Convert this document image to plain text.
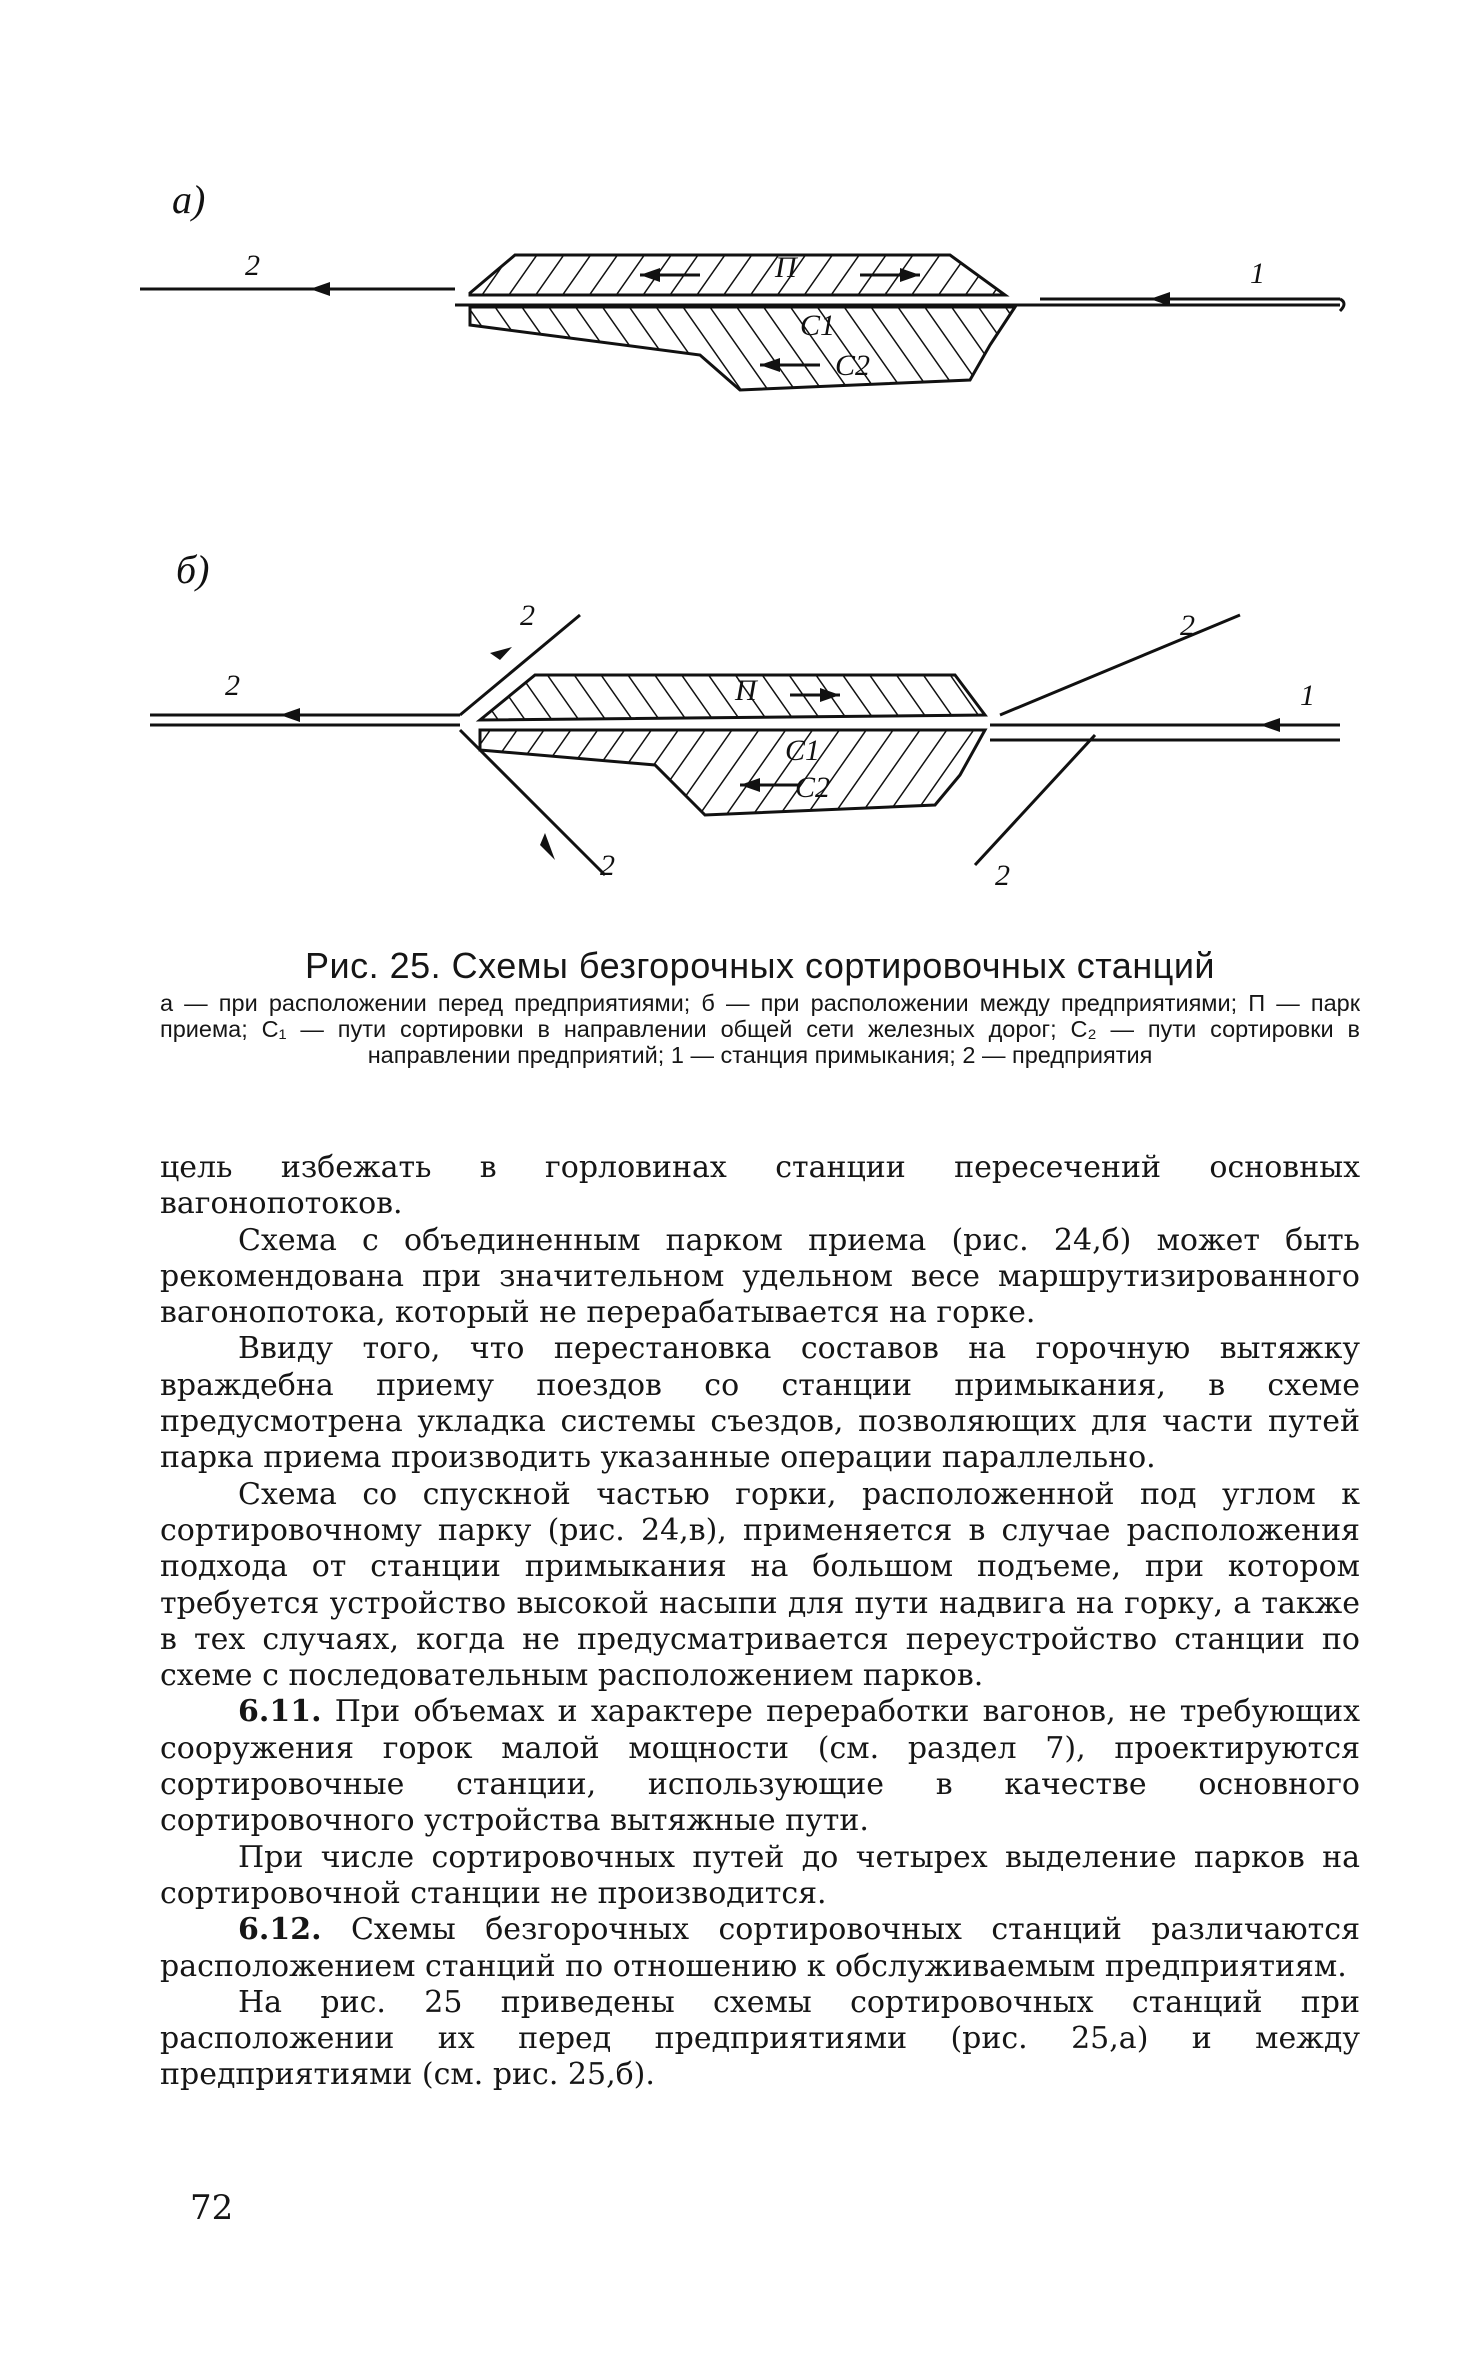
а)
б)
2	1
П
C1
C2
2
2
2
2
2
1
П
C1
C2
Рис. 25. Схемы безгорочных сортировочных станций
а — при расположении перед предприятиями; б — при расположении между предприятиями; П — парк приема; C₁ — пути сортировки в направлении общей сети железных дорог; C₂ — пути сортировки в направлении предприятий; 1 — станция примыкания; 2 — предприятия

цель избежать в горловинах станции пересечений основных вагонопотоков.

Схема с объединенным парком приема (рис. 24,б) может быть рекомендована при значительном удельном весе маршрутизированного вагонопотока, который не перерабатывается на горке.

Ввиду того, что перестановка составов на горочную вытяжку враждебна приему поездов со станции примыкания, в схеме предусмотрена укладка системы съездов, позволяющих для части путей парка приема производить указанные операции параллельно.

Схема со спускной частью горки, расположенной под углом к сортировочному парку (рис. 24,в), применяется в случае расположения подхода от станции примыкания на большом подъеме, при котором требуется устройство высокой насыпи для пути надвига на горку, а также в тех случаях, когда не предусматривается переустройство станции по схеме с последовательным расположением парков.

6.11. При объемах и характере переработки вагонов, не требующих сооружения горок малой мощности (см. раздел 7), проектируются сортировочные станции, использующие в качестве основного сортировочного устройства вытяжные пути.

При числе сортировочных путей до четырех выделение парков на сортировочной станции не производится.

6.12. Схемы безгорочных сортировочных станций различаются расположением станций по отношению к обслуживаемым предприятиям.

На рис. 25 приведены схемы сортировочных станций при расположении их перед предприятиями (рис. 25,а) и между предприятиями (см. рис. 25,б).

72
